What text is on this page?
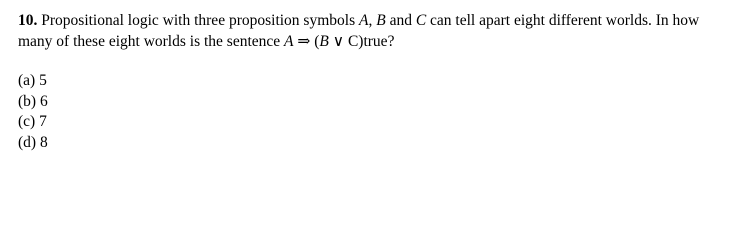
10. Propositional logic with three proposition symbols A, B and C can tell apart eight different worlds. In how many of these eight worlds is the sentence A ⇒ (B ∨ C)true?
(a) 5
(b) 6
(c) 7
(d) 8
